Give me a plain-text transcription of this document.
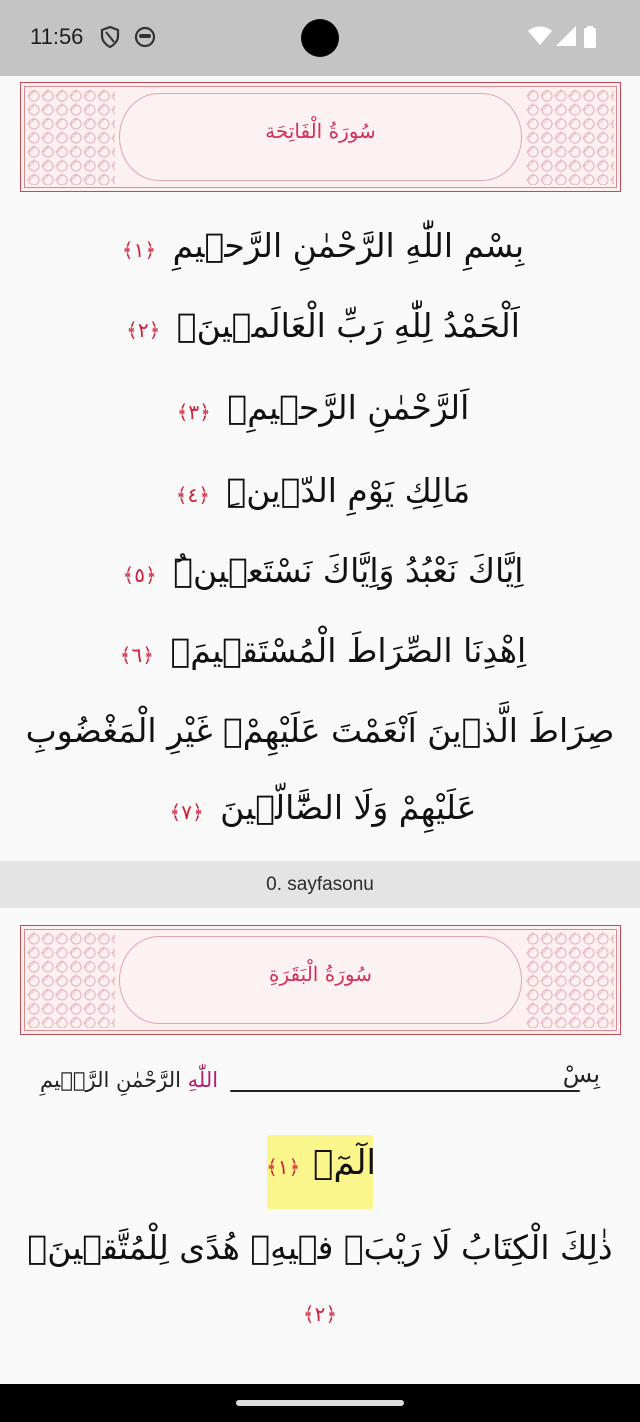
11:56
سُورَةُ الْفَاتِحَة
بِسْمِ اللّٰهِ الرَّحْمٰنِ الرَّح۪يمِ ﴿١﴾
اَلْحَمْدُ لِلّٰهِ رَبِّ الْعَالَم۪ينَۙ ﴿٢﴾
اَلرَّحْمٰنِ الرَّح۪يمِۙ ﴿٣﴾
مَالِكِ يَوْمِ الدّ۪ينِۜ ﴿٤﴾
اِيَّاكَ نَعْبُدُ وَاِيَّاكَ نَسْتَع۪ينُۜ ﴿٥﴾
اِهْدِنَا الصِّرَاطَ الْمُسْتَق۪يمَۙ ﴿٦﴾
صِرَاطَ الَّذ۪ينَ اَنْعَمْتَ عَلَيْهِمْۙ غَيْرِ الْمَغْضُوبِ
عَلَيْهِمْ وَلَا الضَّٓالّ۪ينَ ﴿٧﴾
0. sayfasonu
سُورَةُ الْبَقَرَةِ
بِسْ
اللّٰهِ الرَّحْمٰنِ الرَّح۪يمِ
الٓمٓۚ ﴿١﴾
ذٰلِكَ الْكِتَابُ لَا رَيْبَۚ ف۪يهِۚ هُدًى لِلْمُتَّق۪ينَۙ
﴿٢﴾
